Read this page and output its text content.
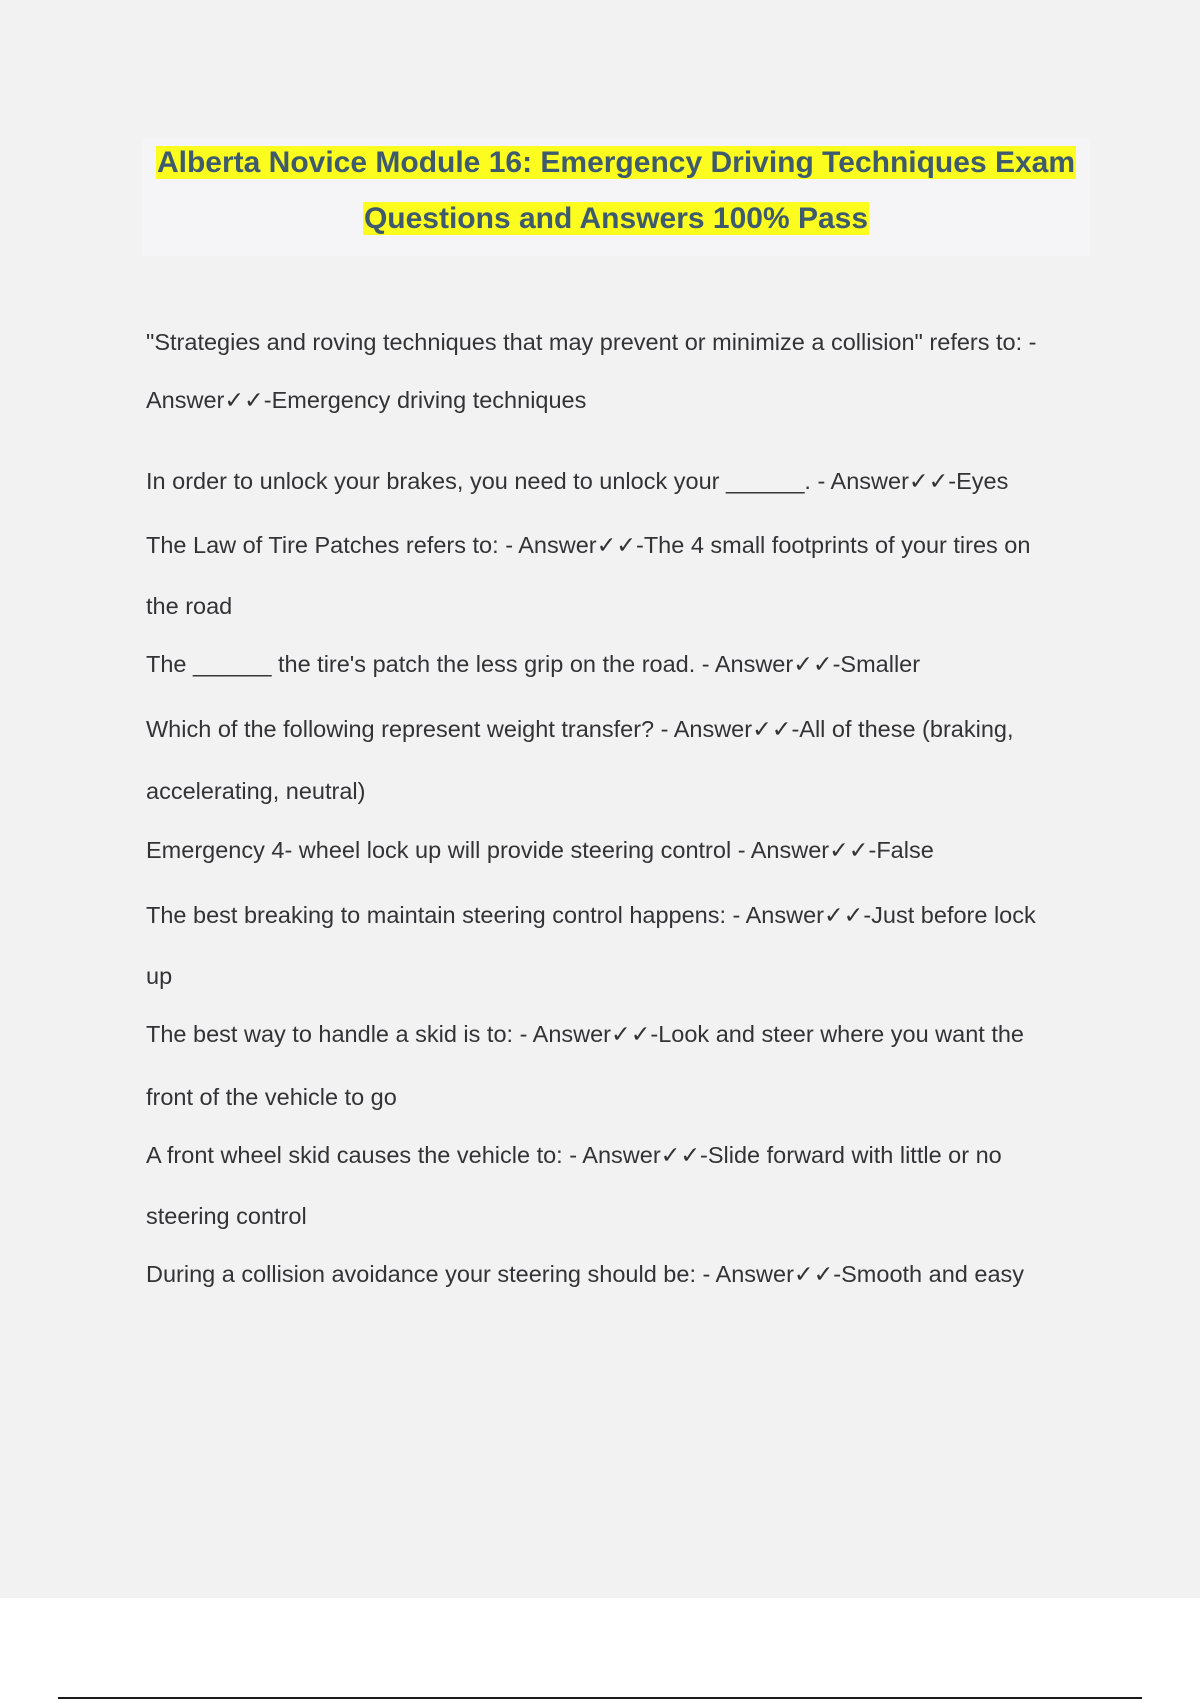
Alberta Novice Module 16: Emergency Driving Techniques Exam
Questions and Answers 100% Pass
"Strategies and roving techniques that may prevent or minimize a collision" refers to: -
Answer✓✓-Emergency driving techniques
In order to unlock your brakes, you need to unlock your ______. - Answer✓✓-Eyes
The Law of Tire Patches refers to: - Answer✓✓-The 4 small footprints of your tires on
the road
The ______ the tire's patch the less grip on the road. - Answer✓✓-Smaller
Which of the following represent weight transfer? - Answer✓✓-All of these (braking,
accelerating, neutral)
Emergency 4- wheel lock up will provide steering control - Answer✓✓-False
The best breaking to maintain steering control happens: - Answer✓✓-Just before lock
up
The best way to handle a skid is to: - Answer✓✓-Look and steer where you want the
front of the vehicle to go
A front wheel skid causes the vehicle to: - Answer✓✓-Slide forward with little or no
steering control
During a collision avoidance your steering should be: - Answer✓✓-Smooth and easy
